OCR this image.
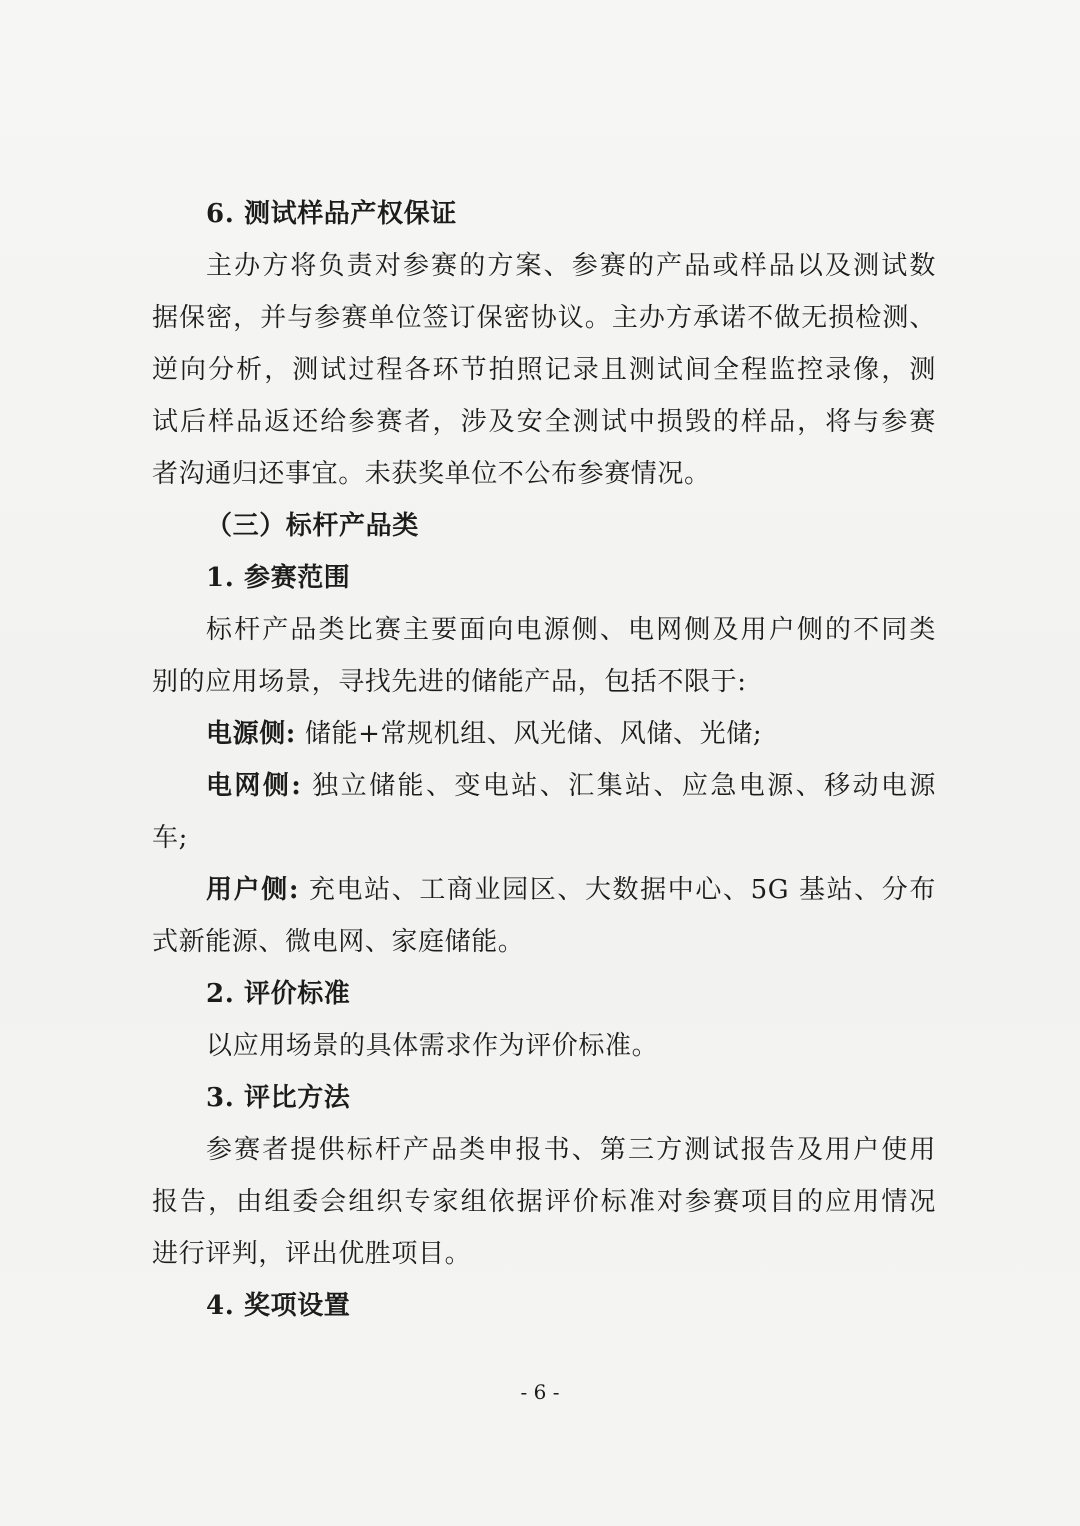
6. 测试样品产权保证
主办方将负责对参赛的方案、参赛的产品或样品以及测试数
据保密，并与参赛单位签订保密协议。主办方承诺不做无损检测、
逆向分析，测试过程各环节拍照记录且测试间全程监控录像，测
试后样品返还给参赛者，涉及安全测试中损毁的样品，将与参赛
者沟通归还事宜。未获奖单位不公布参赛情况。
（三）标杆产品类
1. 参赛范围
标杆产品类比赛主要面向电源侧、电网侧及用户侧的不同类
别的应用场景，寻找先进的储能产品，包括不限于:
电源侧: 储能+常规机组、风光储、风储、光储;
电网侧: 独立储能、变电站、汇集站、应急电源、移动电源
车;
用户侧: 充电站、工商业园区、大数据中心、5G 基站、分布
式新能源、微电网、家庭储能。
2. 评价标准
以应用场景的具体需求作为评价标准。
3. 评比方法
参赛者提供标杆产品类申报书、第三方测试报告及用户使用
报告，由组委会组织专家组依据评价标准对参赛项目的应用情况
进行评判，评出优胜项目。
4. 奖项设置
- 6 -
